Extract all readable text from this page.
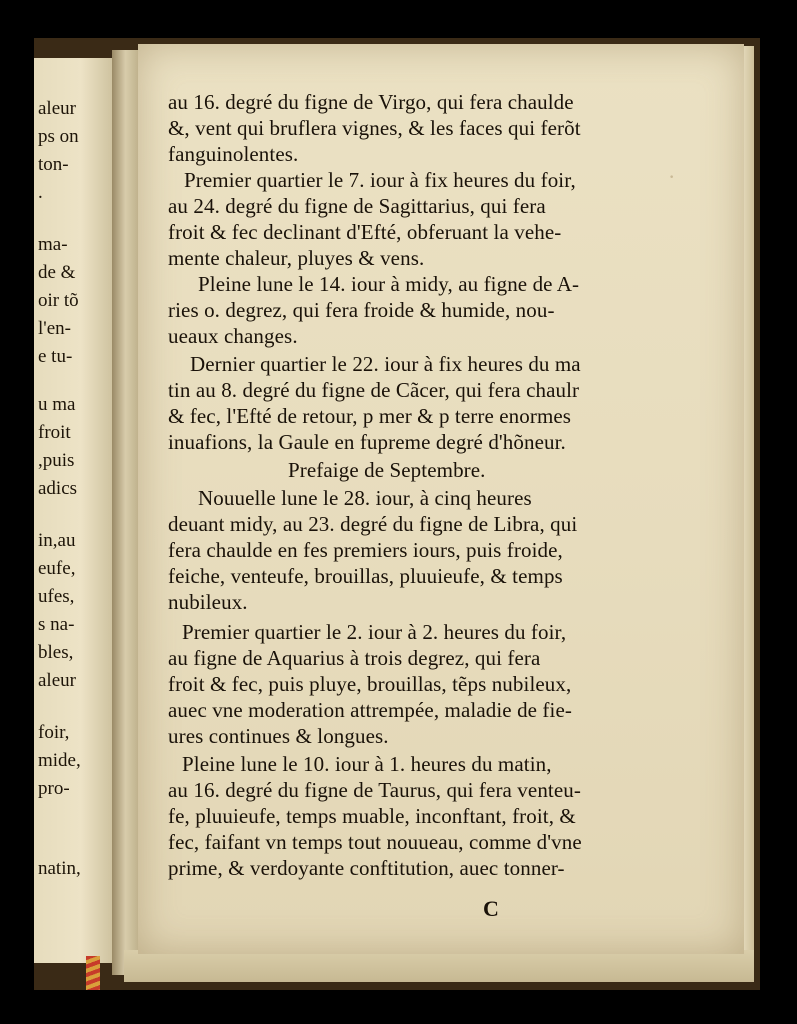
aleur
ps on
ton-
.
ma-
de &
oir tõ
l'en-
e tu-
u ma
froit
,puis
adics
in,au
eufe,
ufes,
s na-
bles,
aleur
foir,
mide,
pro-
natin,
·
au 16. degré du figne de Virgo, qui fera chaulde
&, vent qui bruflera vignes, & les faces qui ferõt
fanguinolentes.
Premier quartier le 7. iour à fix heures du foir,
au 24. degré du figne de Sagittarius, qui fera
froit & fec declinant d'Efté, obferuant la vehe-
mente chaleur, pluyes & vens.
Pleine lune le 14. iour à midy, au figne de A-
ries o. degrez, qui fera froide & humide, nou-
ueaux changes.
Dernier quartier le 22. iour à fix heures du ma
tin au 8. degré du figne de Cãcer, qui fera chaulr
& fec, l'Efté de retour, p mer & p terre enormes
inuafions, la Gaule en fupreme degré d'hõneur.
Prefaige de Septembre.
Nouuelle lune le 28. iour, à cinq heures
deuant midy, au 23. degré du figne de Libra, qui
fera chaulde en fes premiers iours, puis froide,
feiche, venteufe, brouillas, pluuieufe, & temps
nubileux.
Premier quartier le 2. iour à 2. heures du foir,
au figne de Aquarius à trois degrez, qui fera
froit & fec, puis pluye, brouillas, tẽps nubileux,
auec vne moderation attrempée, maladie de fie-
ures continues & longues.
Pleine lune le 10. iour à 1. heures du matin,
au 16. degré du figne de Taurus, qui fera venteu-
fe, pluuieufe, temps muable, inconftant, froit, &
fec, faifant vn temps tout nouueau, comme d'vne
prime, & verdoyante conftitution, auec tonner-
C
